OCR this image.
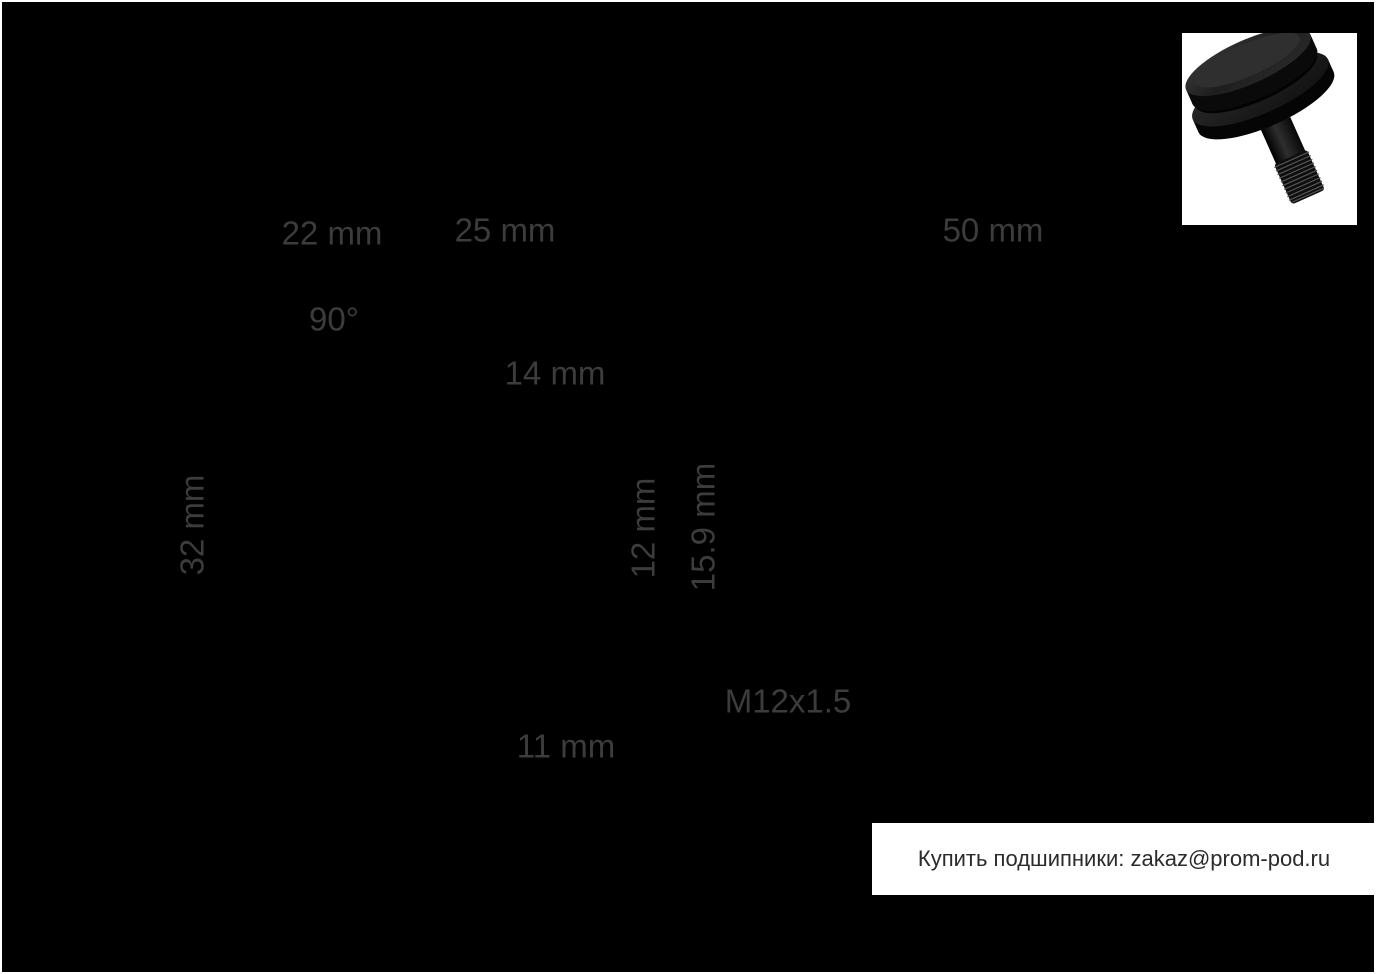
22 mm 25 mm	50 mm
90°
14 mm
32 mm	12 mm 15.9 mm
M12x1.5
11 mm
Купить подшипники: zakaz@prom-pod.ru
